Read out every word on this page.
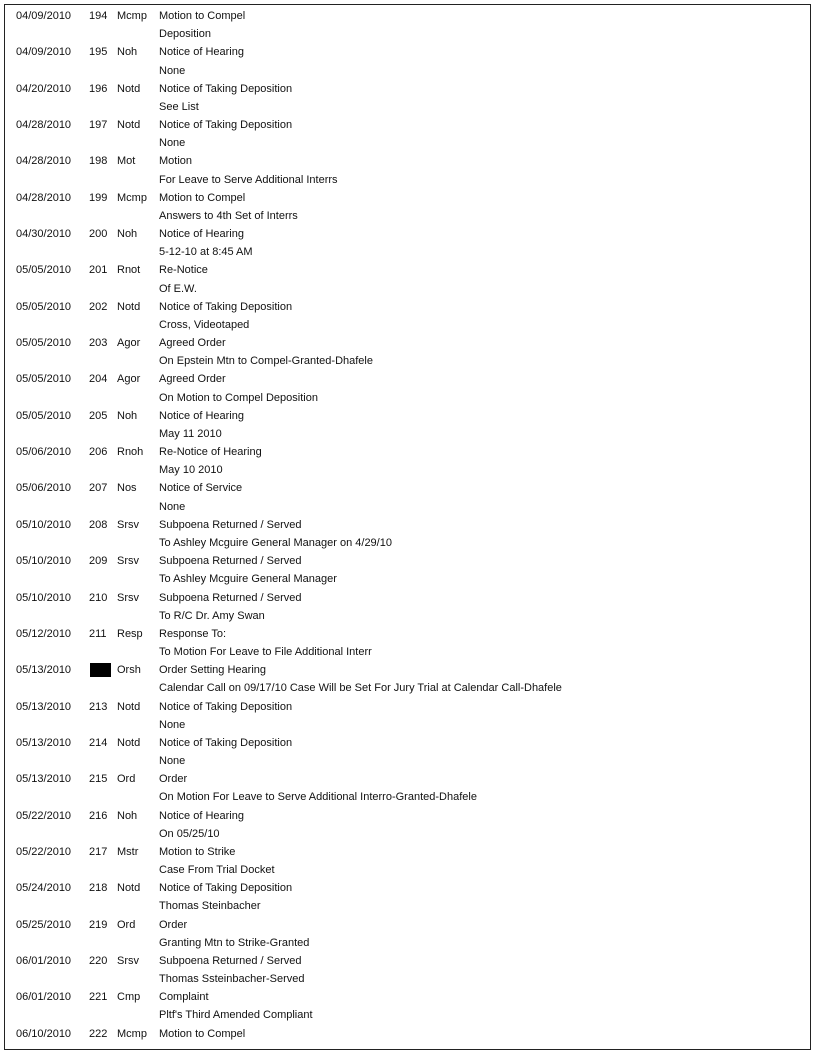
04/09/2010 194 Mcmp Motion to Compel
Deposition
04/09/2010 195 Noh Notice of Hearing
None
04/20/2010 196 Notd Notice of Taking Deposition
See List
04/28/2010 197 Notd Notice of Taking Deposition
None
04/28/2010 198 Mot Motion
For Leave to Serve Additional Interrs
04/28/2010 199 Mcmp Motion to Compel
Answers to 4th Set of Interrs
04/30/2010 200 Noh Notice of Hearing
5-12-10 at 8:45 AM
05/05/2010 201 Rnot Re-Notice
Of E.W.
05/05/2010 202 Notd Notice of Taking Deposition
Cross, Videotaped
05/05/2010 203 Agor Agreed Order
On Epstein Mtn to Compel-Granted-Dhafele
05/05/2010 204 Agor Agreed Order
On Motion to Compel Deposition
05/05/2010 205 Noh Notice of Hearing
May 11 2010
05/06/2010 206 Rnoh Re-Notice of Hearing
May 10 2010
05/06/2010 207 Nos Notice of Service
None
05/10/2010 208 Srsv Subpoena Returned / Served
To Ashley Mcguire General Manager on 4/29/10
05/10/2010 209 Srsv Subpoena Returned / Served
To Ashley Mcguire General Manager
05/10/2010 210 Srsv Subpoena Returned / Served
To R/C Dr. Amy Swan
05/12/2010 211 Resp Response To:
To Motion For Leave to File Additional Interr
05/13/2010	Orsh Order Setting Hearing
Calendar Call on 09/17/10 Case Will be Set For Jury Trial at Calendar Call-Dhafele
05/13/2010 213 Notd Notice of Taking Deposition
None
05/13/2010 214 Notd Notice of Taking Deposition
None
05/13/2010 215 Ord Order
On Motion For Leave to Serve Additional Interro-Granted-Dhafele
05/22/2010 216 Noh Notice of Hearing
On 05/25/10
05/22/2010 217 Mstr Motion to Strike
Case From Trial Docket
05/24/2010 218 Notd Notice of Taking Deposition
Thomas Steinbacher
05/25/2010 219 Ord Order
Granting Mtn to Strike-Granted
06/01/2010 220 Srsv Subpoena Returned / Served
Thomas Ssteinbacher-Served
06/01/2010 221 Cmp Complaint
Pltf's Third Amended Compliant
06/10/2010 222 Mcmp Motion to Compel
